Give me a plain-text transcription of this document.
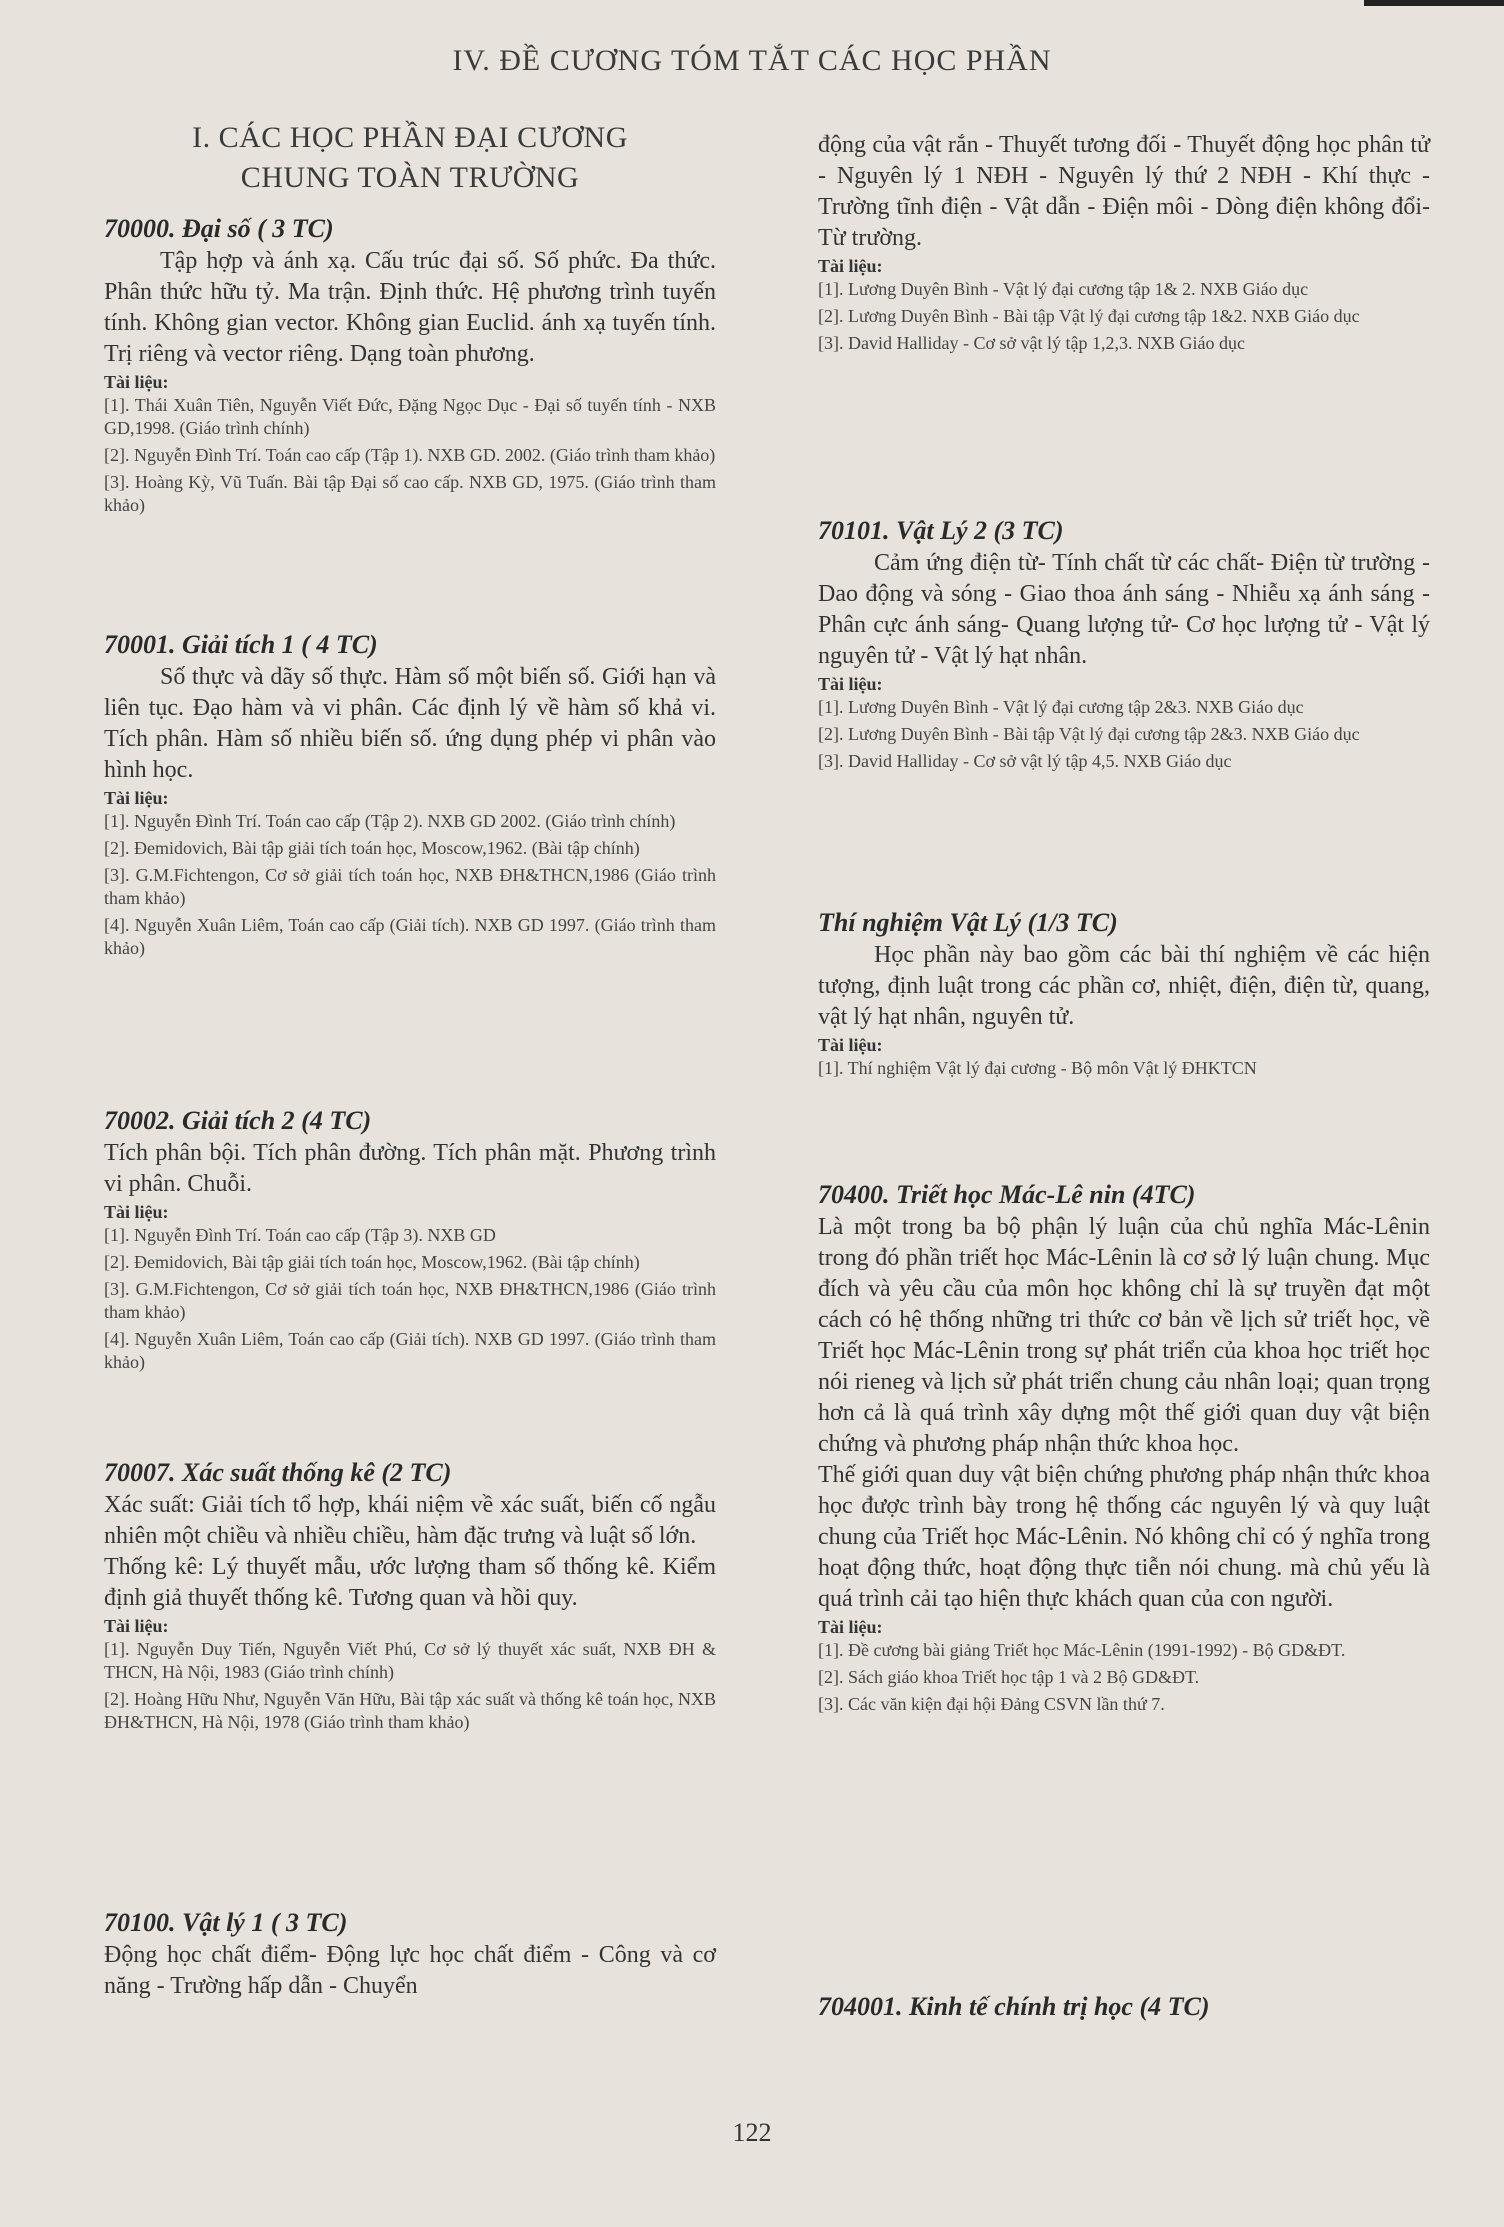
IV. ĐỀ CƯƠNG TÓM TẮT CÁC HỌC PHẦN

I. CÁC HỌC PHẦN ĐẠI CƯƠNG

CHUNG TOÀN TRƯỜNG

70000. Đại số ( 3 TC)

Tập hợp và ánh xạ. Cấu trúc đại số. Số phức. Đa thức. Phân thức hữu tỷ. Ma trận. Định thức. Hệ phương trình tuyến tính. Không gian vector. Không gian Euclid. ánh xạ tuyến tính. Trị riêng và vector riêng. Dạng toàn phương.

Tài liệu:

[1]. Thái Xuân Tiên, Nguyễn Viết Đức, Đặng Ngọc Dục - Đại số tuyến tính - NXB GD,1998. (Giáo trình chính)

[2]. Nguyễn Đình Trí. Toán cao cấp (Tập 1). NXB GD. 2002. (Giáo trình tham khảo)

[3]. Hoàng Kỳ, Vũ Tuấn. Bài tập Đại số cao cấp. NXB GD, 1975. (Giáo trình tham khảo)

70001. Giải tích 1 ( 4 TC)

Số thực và dãy số thực. Hàm số một biến số. Giới hạn và liên tục. Đạo hàm và vi phân. Các định lý về hàm số khả vi. Tích phân. Hàm số nhiều biến số. ứng dụng phép vi phân vào hình học.

Tài liệu:

[1]. Nguyễn Đình Trí. Toán cao cấp (Tập 2). NXB GD 2002. (Giáo trình chính)

[2]. Đemidovich, Bài tập giải tích toán học, Moscow,1962. (Bài tập chính)

[3]. G.M.Fichtengon, Cơ sở giải tích toán học, NXB ĐH&THCN,1986 (Giáo trình tham khảo)

[4]. Nguyễn Xuân Liêm, Toán cao cấp (Giải tích). NXB GD 1997. (Giáo trình tham khảo)

70002. Giải tích 2 (4 TC)

Tích phân bội. Tích phân đường. Tích phân mặt. Phương trình vi phân. Chuỗi.

Tài liệu:

[1]. Nguyễn Đình Trí. Toán cao cấp (Tập 3). NXB GD

[2]. Đemidovich, Bài tập giải tích toán học, Moscow,1962. (Bài tập chính)

[3]. G.M.Fichtengon, Cơ sở giải tích toán học, NXB ĐH&THCN,1986 (Giáo trình tham khảo)

[4]. Nguyễn Xuân Liêm, Toán cao cấp (Giải tích). NXB GD 1997. (Giáo trình tham khảo)

70007. Xác suất thống kê (2 TC)

Xác suất: Giải tích tổ hợp, khái niệm về xác suất, biến cố ngẫu nhiên một chiều và nhiều chiều, hàm đặc trưng và luật số lớn.

Thống kê: Lý thuyết mẫu, ước lượng tham số thống kê. Kiểm định giả thuyết thống kê. Tương quan và hồi quy.

Tài liệu:

[1]. Nguyễn Duy Tiến, Nguyễn Viết Phú, Cơ sở lý thuyết xác suất, NXB ĐH & THCN, Hà Nội, 1983 (Giáo trình chính)

[2]. Hoàng Hữu Như, Nguyễn Văn Hữu, Bài tập xác suất và thống kê toán học, NXB ĐH&THCN, Hà Nội, 1978 (Giáo trình tham khảo)

70100. Vật lý 1 ( 3 TC)

Động học chất điểm- Động lực học chất điểm - Công và cơ năng - Trường hấp dẫn - Chuyển

động của vật rắn - Thuyết tương đối - Thuyết động học phân tử - Nguyên lý 1 NĐH - Nguyên lý thứ 2 NĐH - Khí thực - Trường tĩnh điện - Vật dẫn - Điện môi - Dòng điện không đổi- Từ trường.

Tài liệu:

[1]. Lương Duyên Bình - Vật lý đại cương tập 1& 2. NXB Giáo dục

[2]. Lương Duyên Bình - Bài tập Vật lý đại cương tập 1&2. NXB Giáo dục

[3]. David Halliday - Cơ sở vật lý tập 1,2,3. NXB Giáo dục

70101. Vật Lý 2 (3 TC)

Cảm ứng điện từ- Tính chất từ các chất- Điện từ trường - Dao động và sóng - Giao thoa ánh sáng - Nhiễu xạ ánh sáng - Phân cực ánh sáng- Quang lượng tử- Cơ học lượng tử - Vật lý nguyên tử - Vật lý hạt nhân.

Tài liệu:

[1]. Lương Duyên Bình - Vật lý đại cương tập 2&3. NXB Giáo dục

[2]. Lương Duyên Bình - Bài tập Vật lý đại cương tập 2&3. NXB Giáo dục

[3]. David Halliday - Cơ sở vật lý tập 4,5. NXB Giáo dục

Thí nghiệm Vật Lý (1/3 TC)

Học phần này bao gồm các bài thí nghiệm về các hiện tượng, định luật trong các phần cơ, nhiệt, điện, điện từ, quang, vật lý hạt nhân, nguyên tử.

Tài liệu:

[1]. Thí nghiệm Vật lý đại cương - Bộ môn Vật lý ĐHKTCN

70400. Triết học Mác-Lê nin (4TC)

Là một trong ba bộ phận lý luận của chủ nghĩa Mác-Lênin trong đó phần triết học Mác-Lênin là cơ sở lý luận chung. Mục đích và yêu cầu của môn học không chỉ là sự truyền đạt một cách có hệ thống những tri thức cơ bản về lịch sử triết học, về Triết học Mác-Lênin trong sự phát triển của khoa học triết học nói rieneg và lịch sử phát triển chung cảu nhân loại; quan trọng hơn cả là quá trình xây dựng một thế giới quan duy vật biện chứng và phương pháp nhận thức khoa học.

Thế giới quan duy vật biện chứng phương pháp nhận thức khoa học được trình bày trong hệ thống các nguyên lý và quy luật chung của Triết học Mác-Lênin. Nó không chỉ có ý nghĩa trong hoạt động thức, hoạt động thực tiễn nói chung. mà chủ yếu là quá trình cải tạo hiện thực khách quan của con người.

Tài liệu:

[1]. Đề cương bài giảng Triết học Mác-Lênin (1991-1992) - Bộ GD&ĐT.

[2]. Sách giáo khoa Triết học tập 1 và 2 Bộ GD&ĐT.

[3]. Các văn kiện đại hội Đảng CSVN lần thứ 7.

704001. Kinh tế chính trị học (4 TC)

122
